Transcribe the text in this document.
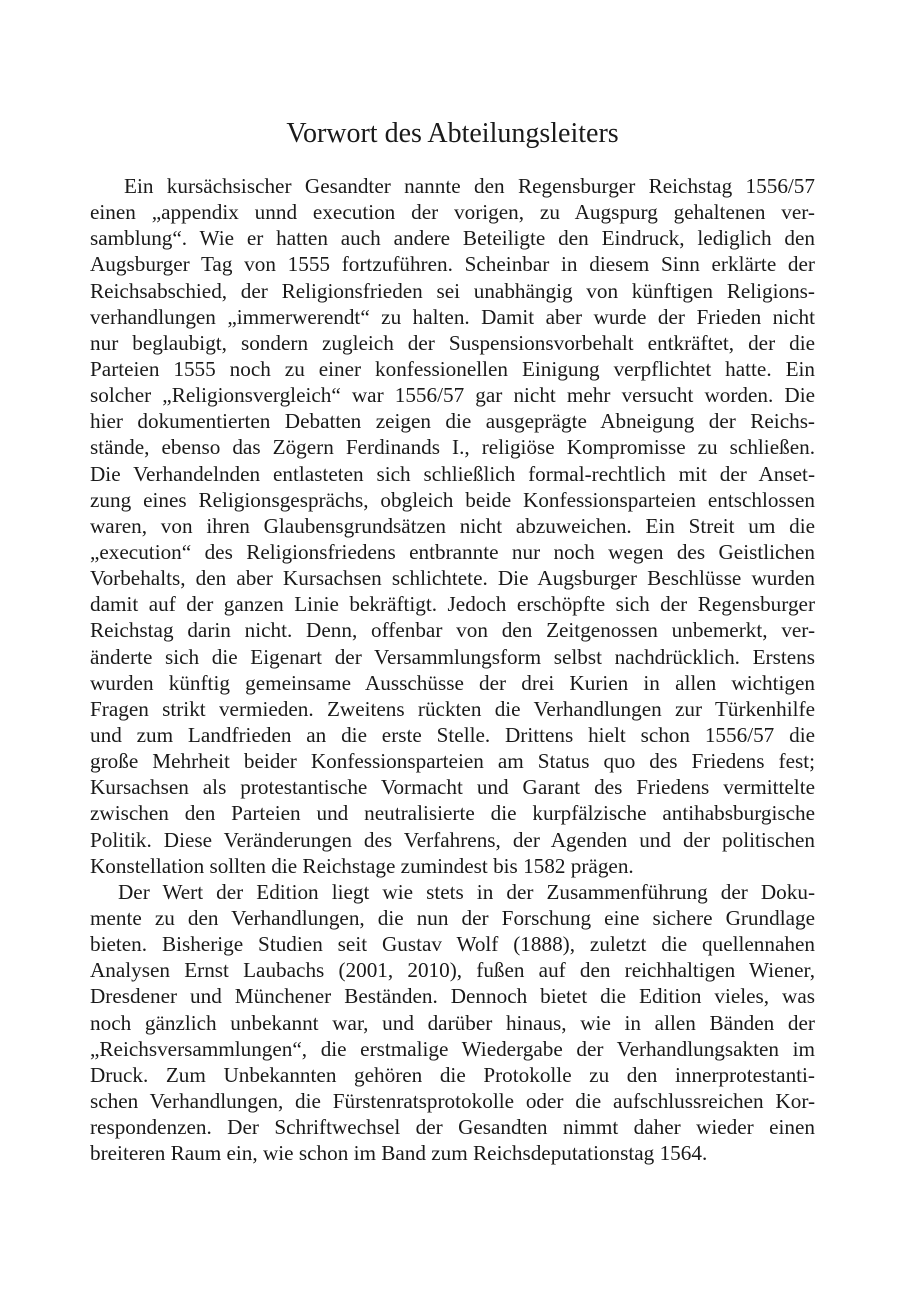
Vorwort des Abteilungsleiters
Ein kursächsischer Gesandter nannte den Regensburger Reichstag 1556/57
einen „appendix unnd execution der vorigen, zu Augspurg gehaltenen ver-
samblung“. Wie er hatten auch andere Beteiligte den Eindruck, lediglich den
Augsburger Tag von 1555 fortzuführen. Scheinbar in diesem Sinn erklärte der
Reichsabschied, der Religionsfrieden sei unabhängig von künftigen Religions-
verhandlungen „immerwerendt“ zu halten. Damit aber wurde der Frieden nicht
nur beglaubigt, sondern zugleich der Suspensionsvorbehalt entkräftet, der die
Parteien 1555 noch zu einer konfessionellen Einigung verpflichtet hatte. Ein
solcher „Religionsvergleich“ war 1556/57 gar nicht mehr versucht worden. Die
hier dokumentierten Debatten zeigen die ausgeprägte Abneigung der Reichs-
stände, ebenso das Zögern Ferdinands I., religiöse Kompromisse zu schließen.
Die Verhandelnden entlasteten sich schließlich formal-rechtlich mit der Anset-
zung eines Religionsgesprächs, obgleich beide Konfessionsparteien entschlossen
waren, von ihren Glaubensgrundsätzen nicht abzuweichen. Ein Streit um die
„execution“ des Religionsfriedens entbrannte nur noch wegen des Geistlichen
Vorbehalts, den aber Kursachsen schlichtete. Die Augsburger Beschlüsse wurden
damit auf der ganzen Linie bekräftigt. Jedoch erschöpfte sich der Regensburger
Reichstag darin nicht. Denn, offenbar von den Zeitgenossen unbemerkt, ver-
änderte sich die Eigenart der Versammlungsform selbst nachdrücklich. Erstens
wurden künftig gemeinsame Ausschüsse der drei Kurien in allen wichtigen
Fragen strikt vermieden. Zweitens rückten die Verhandlungen zur Türkenhilfe
und zum Landfrieden an die erste Stelle. Drittens hielt schon 1556/57 die
große Mehrheit beider Konfessionsparteien am Status quo des Friedens fest;
Kursachsen als protestantische Vormacht und Garant des Friedens vermittelte
zwischen den Parteien und neutralisierte die kurpfälzische antihabsburgische
Politik. Diese Veränderungen des Verfahrens, der Agenden und der politischen
Konstellation sollten die Reichstage zumindest bis 1582 prägen.
Der Wert der Edition liegt wie stets in der Zusammenführung der Doku-
mente zu den Verhandlungen, die nun der Forschung eine sichere Grundlage
bieten. Bisherige Studien seit Gustav Wolf (1888), zuletzt die quellennahen
Analysen Ernst Laubachs (2001, 2010), fußen auf den reichhaltigen Wiener,
Dresdener und Münchener Beständen. Dennoch bietet die Edition vieles, was
noch gänzlich unbekannt war, und darüber hinaus, wie in allen Bänden der
„Reichsversammlungen“, die erstmalige Wiedergabe der Verhandlungsakten im
Druck. Zum Unbekannten gehören die Protokolle zu den innerprotestanti-
schen Verhandlungen, die Fürstenratsprotokolle oder die aufschlussreichen Kor-
respondenzen. Der Schriftwechsel der Gesandten nimmt daher wieder einen
breiteren Raum ein, wie schon im Band zum Reichsdeputationstag 1564.
